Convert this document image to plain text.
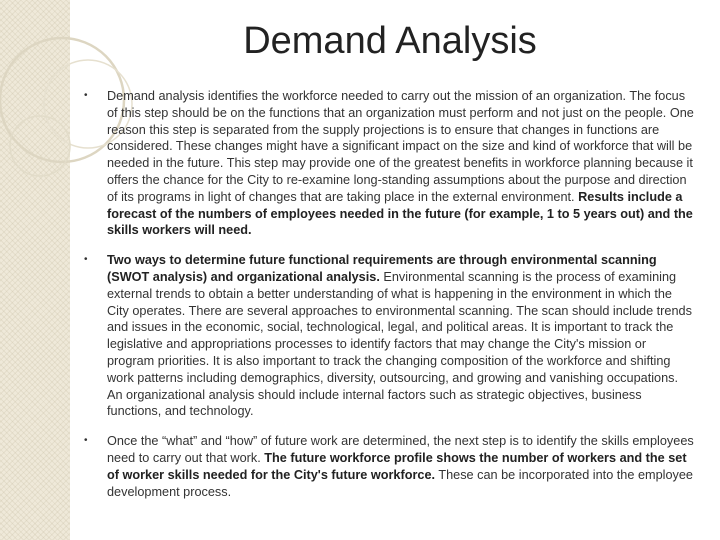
Demand Analysis
•	Demand analysis identifies the workforce needed to carry out the mission of an organization. The focus of this step should be on the functions that an organization must perform and not just on the people. One reason this step is separated from the supply projections is to ensure that changes in functions are considered. These changes might have a significant impact on the size and kind of workforce that will be needed in the future. This step may provide one of the greatest benefits in workforce planning because it offers the chance for the City to re-examine long-standing assumptions about the purpose and direction of its programs in light of changes that are taking place in the external environment. Results include a forecast of the numbers of employees needed in the future (for example, 1 to 5 years out) and the skills workers will need.

•	Two ways to determine future functional requirements are through environmental scanning (SWOT analysis) and organizational analysis. Environmental scanning is the process of examining external trends to obtain a better understanding of what is happening in the environment in which the City operates. There are several approaches to environmental scanning. The scan should include trends and issues in the economic, social, technological, legal, and political areas. It is important to track the legislative and appropriations processes to identify factors that may change the City's mission or program priorities. It is also important to track the changing composition of the workforce and shifting work patterns including demographics, diversity, outsourcing, and growing and vanishing occupations. An organizational analysis should include internal factors such as strategic objectives, business functions, and technology.

•	Once the “what” and “how” of future work are determined, the next step is to identify the skills employees need to carry out that work. The future workforce profile shows the number of workers and the set of worker skills needed for the City's future workforce. These can be incorporated into the employee development process.
